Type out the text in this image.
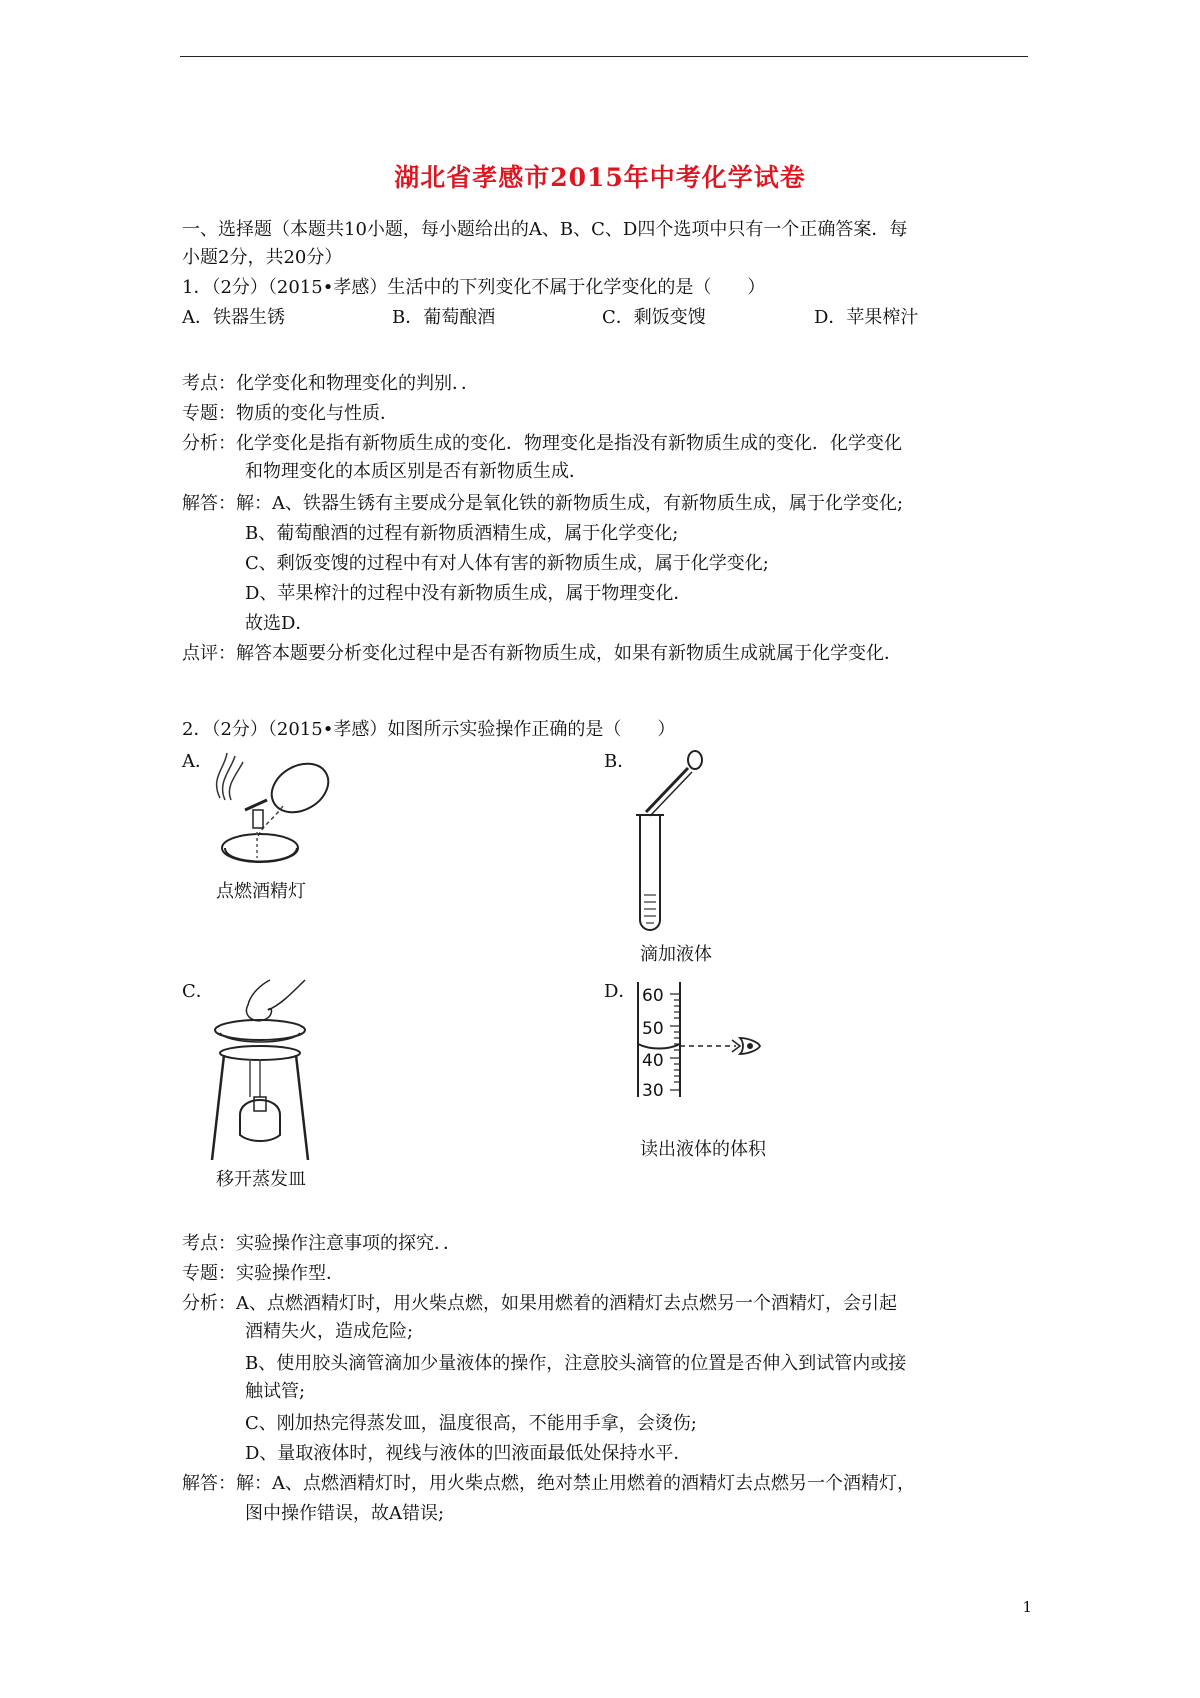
湖北省孝感市2015年中考化学试卷
一、选择题（本题共10小题，每小题给出的A、B、C、D四个选项中只有一个正确答案．每
小题2分，共20分）
1．（2分）（2015•孝感）生活中的下列变化不属于化学变化的是（　　）
A．铁器生锈	B．葡萄酿酒	C．剩饭变馊	D．苹果榨汁
考点：化学变化和物理变化的判别．．
专题：物质的变化与性质．
分析：化学变化是指有新物质生成的变化．物理变化是指没有新物质生成的变化．化学变化
和物理变化的本质区别是否有新物质生成．
解答：解：A、铁器生锈有主要成分是氧化铁的新物质生成，有新物质生成，属于化学变化;
B、葡萄酿酒的过程有新物质酒精生成，属于化学变化;
C、剩饭变馊的过程中有对人体有害的新物质生成，属于化学变化;
D、苹果榨汁的过程中没有新物质生成，属于物理变化．
故选D．
点评：解答本题要分析变化过程中是否有新物质生成，如果有新物质生成就属于化学变化．
2．（2分）（2015•孝感）如图所示实验操作正确的是（　　）
A．
点燃酒精灯
B．
滴加液体
C．
移开蒸发皿
D． 60
50
40
30
读出液体的体积
考点：实验操作注意事项的探究．．
专题：实验操作型．
分析：A、点燃酒精灯时，用火柴点燃，如果用燃着的酒精灯去点燃另一个酒精灯，会引起
酒精失火，造成危险;
B、使用胶头滴管滴加少量液体的操作，注意胶头滴管的位置是否伸入到试管内或接
触试管;
C、刚加热完得蒸发皿，温度很高，不能用手拿，会烫伤;
D、量取液体时，视线与液体的凹液面最低处保持水平．
解答：解：A、点燃酒精灯时，用火柴点燃，绝对禁止用燃着的酒精灯去点燃另一个酒精灯，
图中操作错误，故A错误;
1
